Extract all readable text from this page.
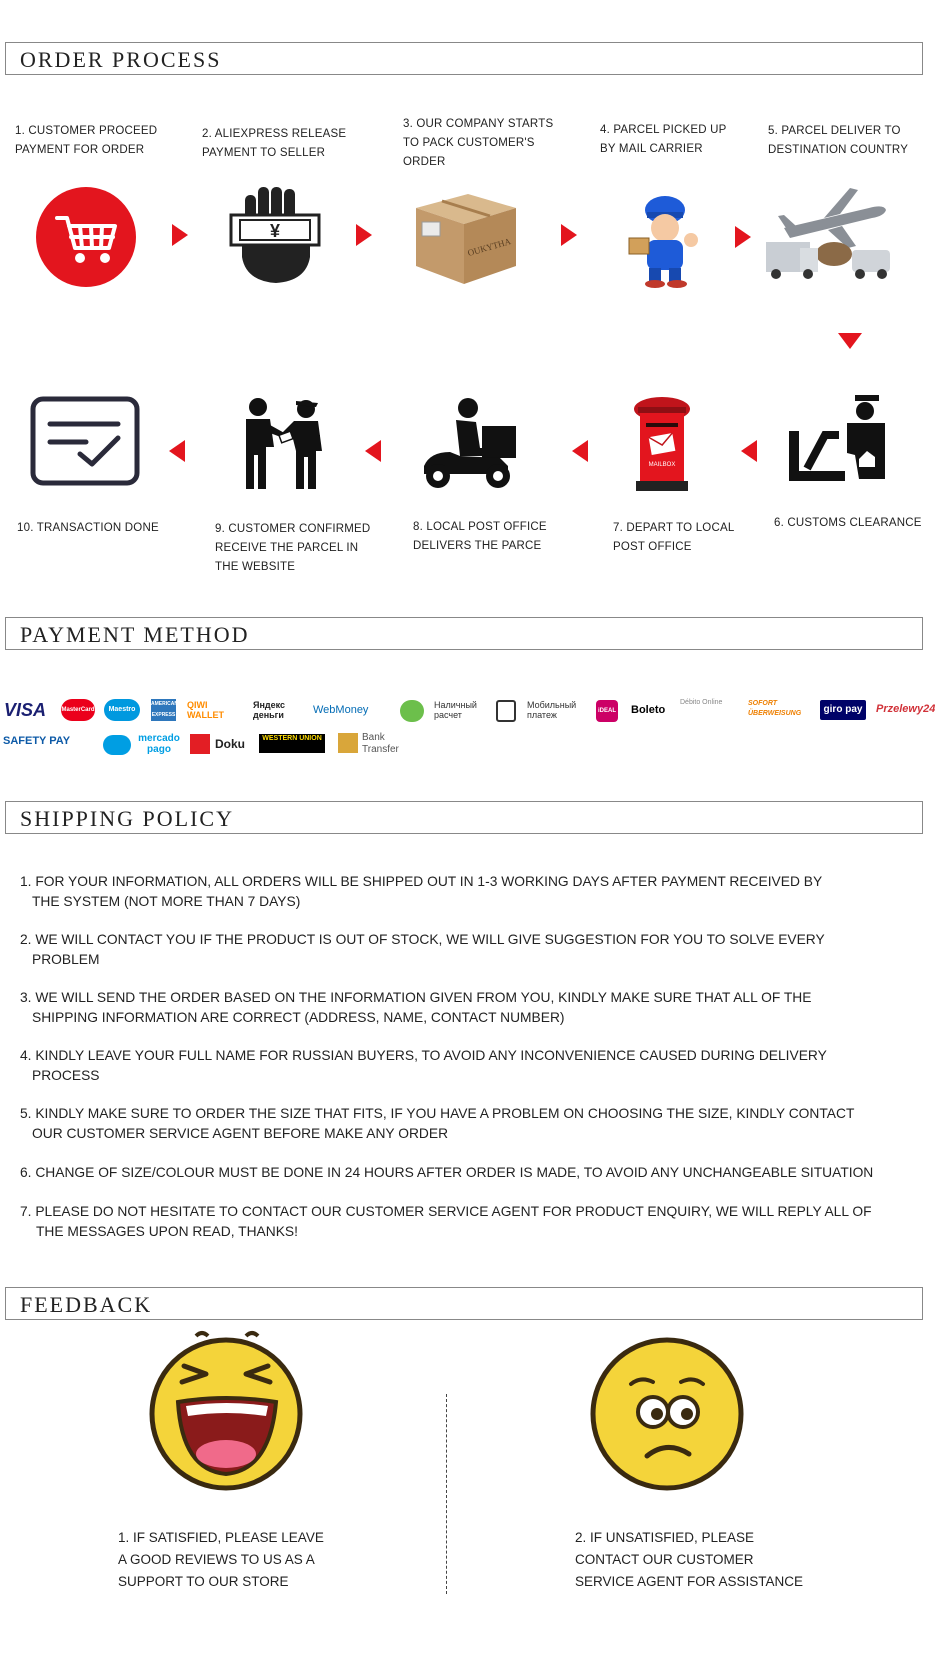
ORDER PROCESS
1. CUSTOMER PROCEED
PAYMENT FOR ORDER
2. ALIEXPRESS RELEASE
PAYMENT TO SELLER
3. OUR COMPANY STARTS
TO PACK CUSTOMER'S
ORDER
4. PARCEL PICKED UP
BY MAIL CARRIER
5. PARCEL DELIVER TO
DESTINATION COUNTRY
¥
OUKYTHA
MAILBOX
10. TRANSACTION DONE	9. CUSTOMER CONFIRMED
RECEIVE THE PARCEL IN
THE WEBSITE
8. LOCAL POST OFFICE
DELIVERS THE PARCE
7. DEPART TO LOCAL
POST OFFICE
6. CUSTOMS CLEARANCE
PAYMENT METHOD
VISA	MasterCard	Maestro
AMERICAN EXPRESS
QIWI WALLET
Яндекс деньги	WebMoney	Наличный расчет
Мобильный платеж	iDEAL Boleto
Débito Online	SOFORT ÜBERWEISUNG	giro pay	Przelewy24
SAFETY PAY	mercado pago	Doku	WESTERN UNION	Bank Transfer
SHIPPING POLICY
1. FOR YOUR INFORMATION, ALL ORDERS WILL BE SHIPPED OUT IN 1-3 WORKING DAYS AFTER PAYMENT RECEIVED BY
THE SYSTEM (NOT MORE THAN 7 DAYS)
2. WE WILL CONTACT YOU IF THE PRODUCT IS OUT OF STOCK, WE WILL GIVE SUGGESTION FOR YOU TO SOLVE EVERY
PROBLEM
3. WE WILL SEND THE ORDER BASED ON THE INFORMATION GIVEN FROM YOU, KINDLY MAKE SURE THAT ALL OF THE
SHIPPING INFORMATION ARE CORRECT (ADDRESS, NAME, CONTACT NUMBER)
4. KINDLY LEAVE YOUR FULL NAME FOR RUSSIAN BUYERS, TO AVOID ANY INCONVENIENCE CAUSED DURING DELIVERY
PROCESS
5. KINDLY MAKE SURE TO ORDER THE SIZE THAT FITS, IF YOU HAVE A PROBLEM ON CHOOSING THE SIZE, KINDLY CONTACT
OUR CUSTOMER SERVICE AGENT BEFORE MAKE ANY ORDER
6. CHANGE OF SIZE/COLOUR MUST BE DONE IN 24 HOURS AFTER ORDER IS MADE, TO AVOID ANY UNCHANGEABLE SITUATION
7. PLEASE DO NOT HESITATE TO CONTACT OUR CUSTOMER SERVICE AGENT FOR PRODUCT ENQUIRY, WE WILL REPLY ALL OF
THE MESSAGES UPON READ, THANKS!
FEEDBACK
1. IF SATISFIED, PLEASE LEAVE
A GOOD REVIEWS TO US AS A
SUPPORT TO OUR STORE
2. IF UNSATISFIED, PLEASE
CONTACT OUR CUSTOMER
SERVICE AGENT FOR ASSISTANCE
